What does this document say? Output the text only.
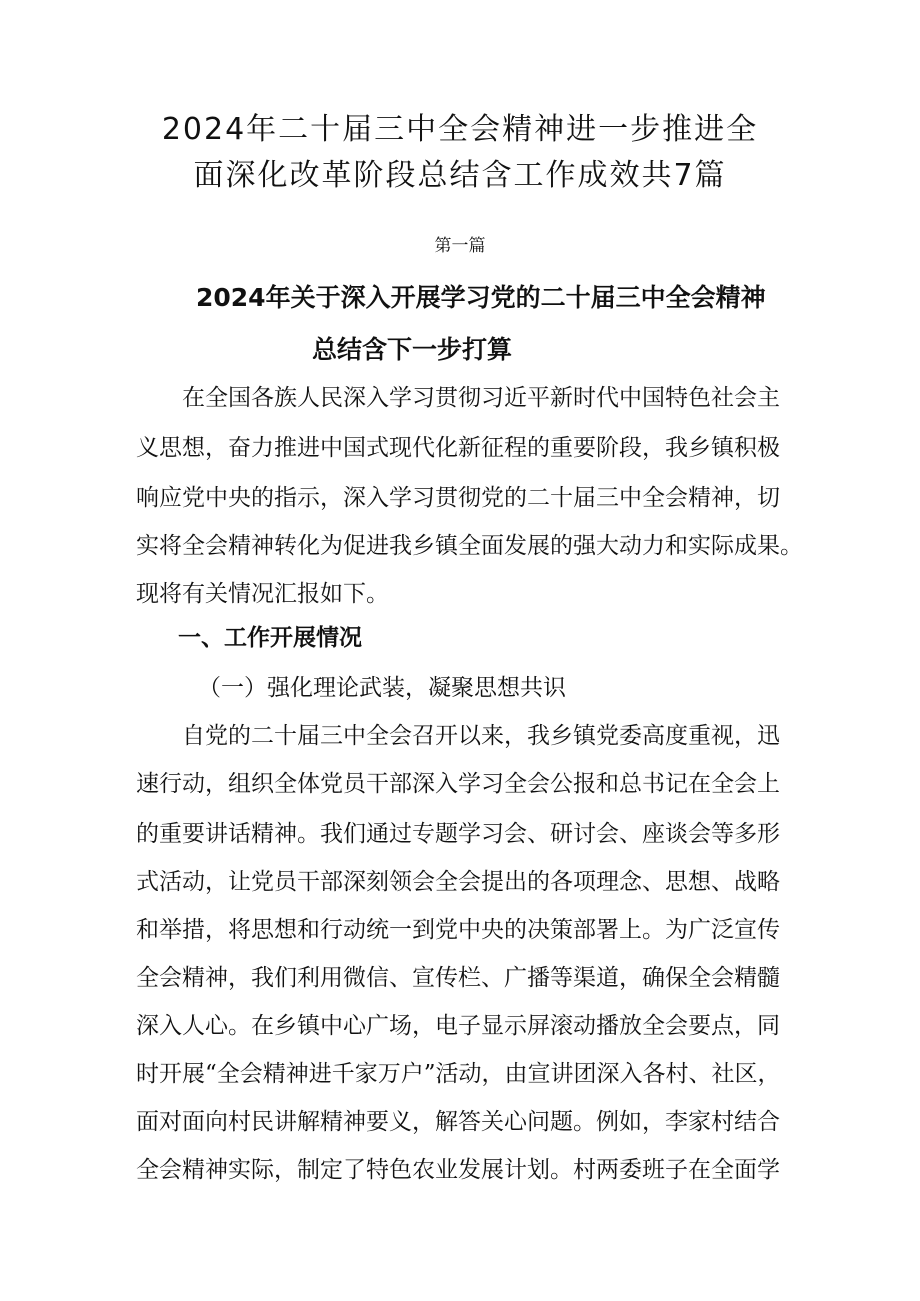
2024年二十届三中全会精神进一步推进全
面深化改革阶段总结含工作成效共7篇
第一篇
2024年关于深入开展学习党的二十届三中全会精神
总结含下一步打算
在全国各族人民深入学习贯彻习近平新时代中国特色社会主
义思想，奋力推进中国式现代化新征程的重要阶段，我乡镇积极
响应党中央的指示，深入学习贯彻党的二十届三中全会精神，切
实将全会精神转化为促进我乡镇全面发展的强大动力和实际成果。
现将有关情况汇报如下。
一、工作开展情况
（一）强化理论武装，凝聚思想共识
自党的二十届三中全会召开以来，我乡镇党委高度重视，迅
速行动，组织全体党员干部深入学习全会公报和总书记在全会上
的重要讲话精神。我们通过专题学习会、研讨会、座谈会等多形
式活动，让党员干部深刻领会全会提出的各项理念、思想、战略
和举措，将思想和行动统一到党中央的决策部署上。为广泛宣传
全会精神，我们利用微信、宣传栏、广播等渠道，确保全会精髓
深入人心。在乡镇中心广场，电子显示屏滚动播放全会要点，同
时开展“全会精神进千家万户”活动，由宣讲团深入各村、社区，
面对面向村民讲解精神要义，解答关心问题。例如，李家村结合
全会精神实际，制定了特色农业发展计划。村两委班子在全面学
